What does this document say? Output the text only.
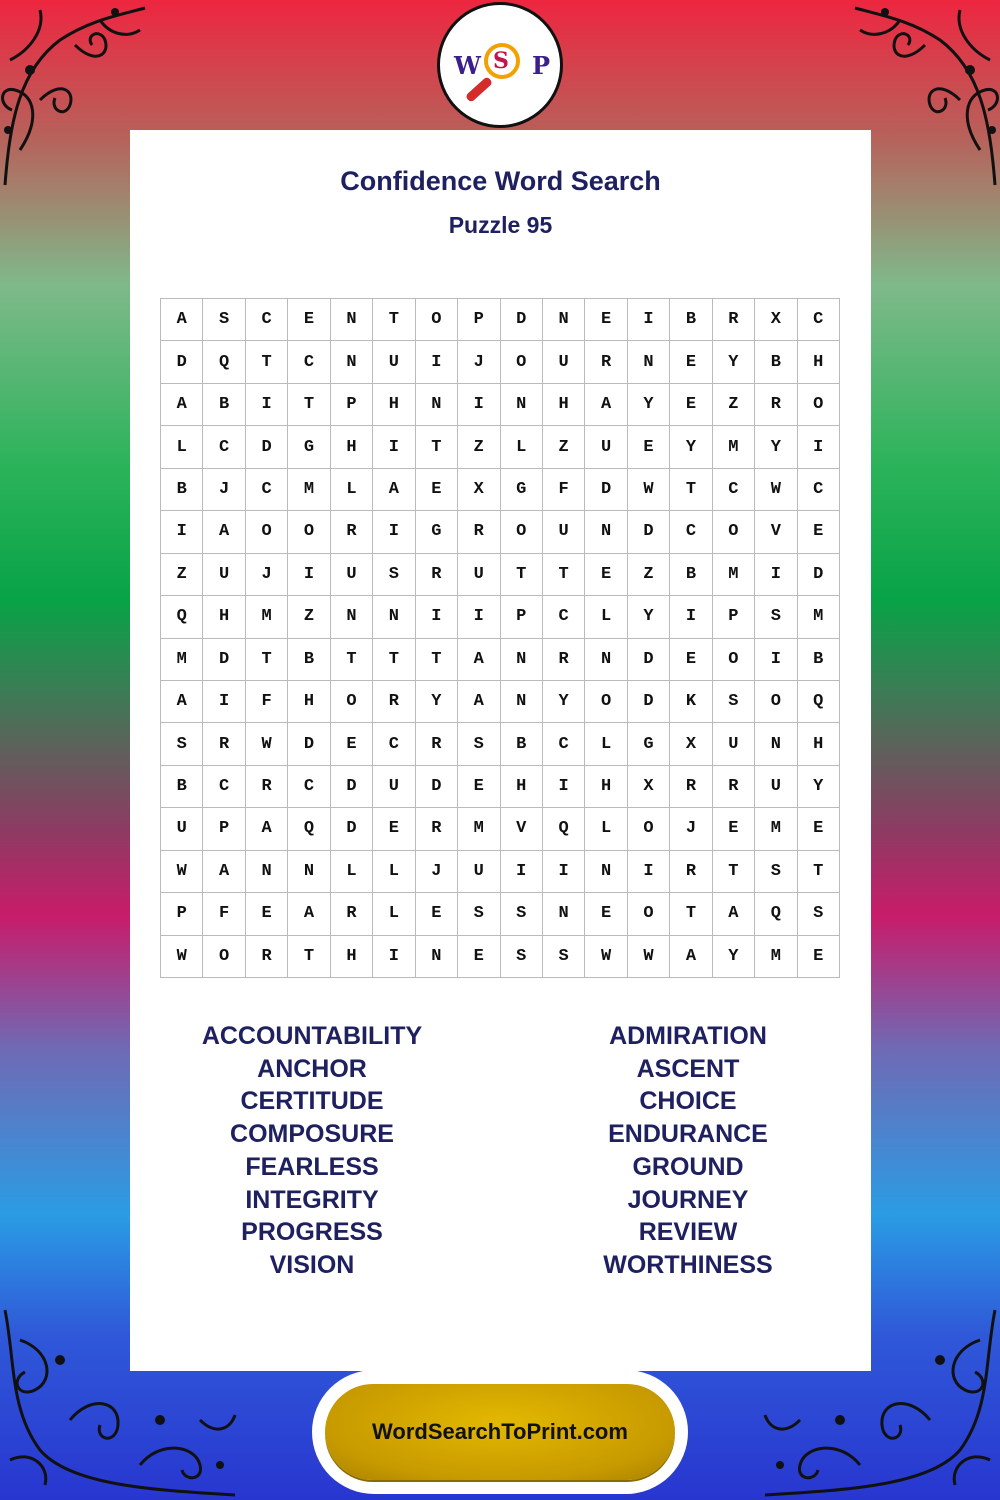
W S P
Confidence Word Search
Puzzle 95
A	S	C	E	N	T	O	P	D	N	E	I	B	R	X	C
D	Q	T	C	N	U	I	J	O	U	R	N	E	Y	B	H
A	B	I	T	P	H	N	I	N	H	A	Y	E	Z	R	O
L	C	D	G	H	I	T	Z	L	Z	U	E	Y	M	Y	I
B	J	C	M	L	A	E	X	G	F	D	W	T	C	W	C
I	A	O	O	R	I	G	R	O	U	N	D	C	O	V	E
Z	U	J	I	U	S	R	U	T	T	E	Z	B	M	I	D
Q	H	M	Z	N	N	I	I	P	C	L	Y	I	P	S	M
M	D	T	B	T	T	T	A	N	R	N	D	E	O	I	B
A	I	F	H	O	R	Y	A	N	Y	O	D	K	S	O	Q
S	R	W	D	E	C	R	S	B	C	L	G	X	U	N	H
B	C	R	C	D	U	D	E	H	I	H	X	R	R	U	Y
U	P	A	Q	D	E	R	M	V	Q	L	O	J	E	M	E
W	A	N	N	L	L	J	U	I	I	N	I	R	T	S	T
P	F	E	A	R	L	E	S	S	N	E	O	T	A	Q	S
W	O	R	T	H	I	N	E	S	S	W	W	A	Y	M	E
ACCOUNTABILITY
ANCHOR
CERTITUDE
COMPOSURE
FEARLESS
INTEGRITY
PROGRESS
VISION
ADMIRATION
ASCENT
CHOICE
ENDURANCE
GROUND
JOURNEY
REVIEW
WORTHINESS
WordSearchToPrint.com
